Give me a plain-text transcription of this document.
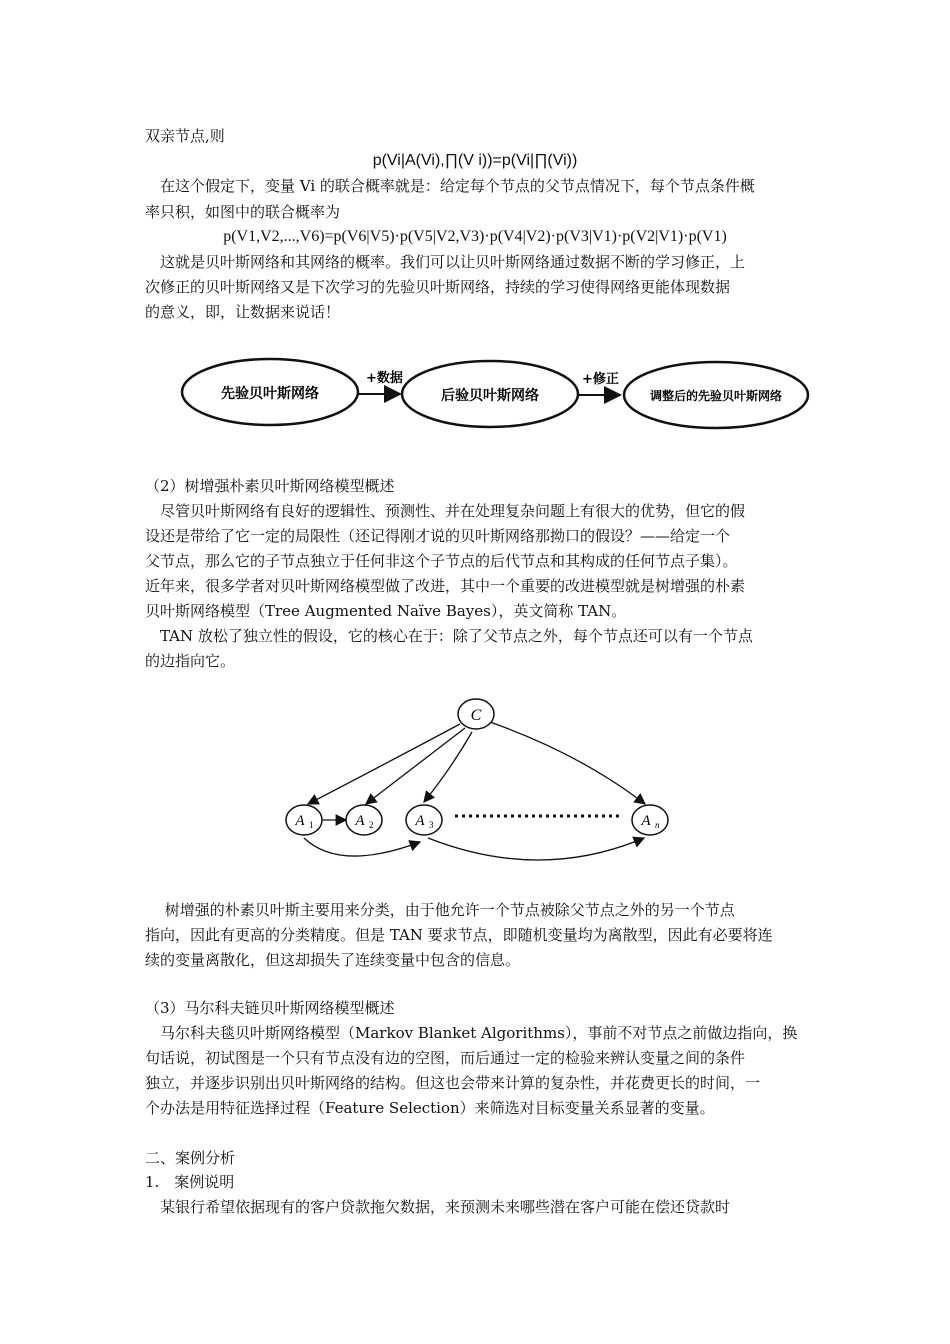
双亲节点,则
p(Vi|A(Vi),∏(V i))=p(Vi|∏(Vi))
　在这个假定下，变量 Vi 的联合概率就是：给定每个节点的父节点情况下，每个节点条件概
率只积，如图中的联合概率为
p(V1,V2,...,V6)=p(V6|V5)·p(V5|V2,V3)·p(V4|V2)·p(V3|V1)·p(V2|V1)·p(V1)
　这就是贝叶斯网络和其网络的概率。我们可以让贝叶斯网络通过数据不断的学习修正，上
次修正的贝叶斯网络又是下次学习的先验贝叶斯网络，持续的学习使得网络更能体现数据
的意义，即，让数据来说话！
先验贝叶斯网络
+数据
后验贝叶斯网络
+修正
调整后的先验贝叶斯网络
（2）树增强朴素贝叶斯网络模型概述
　尽管贝叶斯网络有良好的逻辑性、预测性、并在处理复杂问题上有很大的优势，但它的假
设还是带给了它一定的局限性（还记得刚才说的贝叶斯网络那拗口的假设？——给定一个
父节点，那么它的子节点独立于任何非这个子节点的后代节点和其构成的任何节点子集）。
近年来，很多学者对贝叶斯网络模型做了改进，其中一个重要的改进模型就是树增强的朴素
贝叶斯网络模型（Tree Augmented Naïve Bayes），英文简称 TAN。
　TAN 放松了独立性的假设，它的核心在于：除了父节点之外，每个节点还可以有一个节点
的边指向它。
C
A 1	A 2	A 3	A n
　 树增强的朴素贝叶斯主要用来分类，由于他允许一个节点被除父节点之外的另一个节点
指向，因此有更高的分类精度。但是 TAN 要求节点，即随机变量均为离散型，因此有必要将连
续的变量离散化，但这却损失了连续变量中包含的信息。
（3）马尔科夫链贝叶斯网络模型概述
　马尔科夫毯贝叶斯网络模型（Markov Blanket Algorithms），事前不对节点之前做边指向，换
句话说，初试图是一个只有节点没有边的空图，而后通过一定的检验来辨认变量之间的条件
独立，并逐步识别出贝叶斯网络的结构。但这也会带来计算的复杂性，并花费更长的时间，一
个办法是用特征选择过程（Feature Selection）来筛选对目标变量关系显著的变量。
二、案例分析
1.　案例说明
　某银行希望依据现有的客户贷款拖欠数据，来预测未来哪些潜在客户可能在偿还贷款时
